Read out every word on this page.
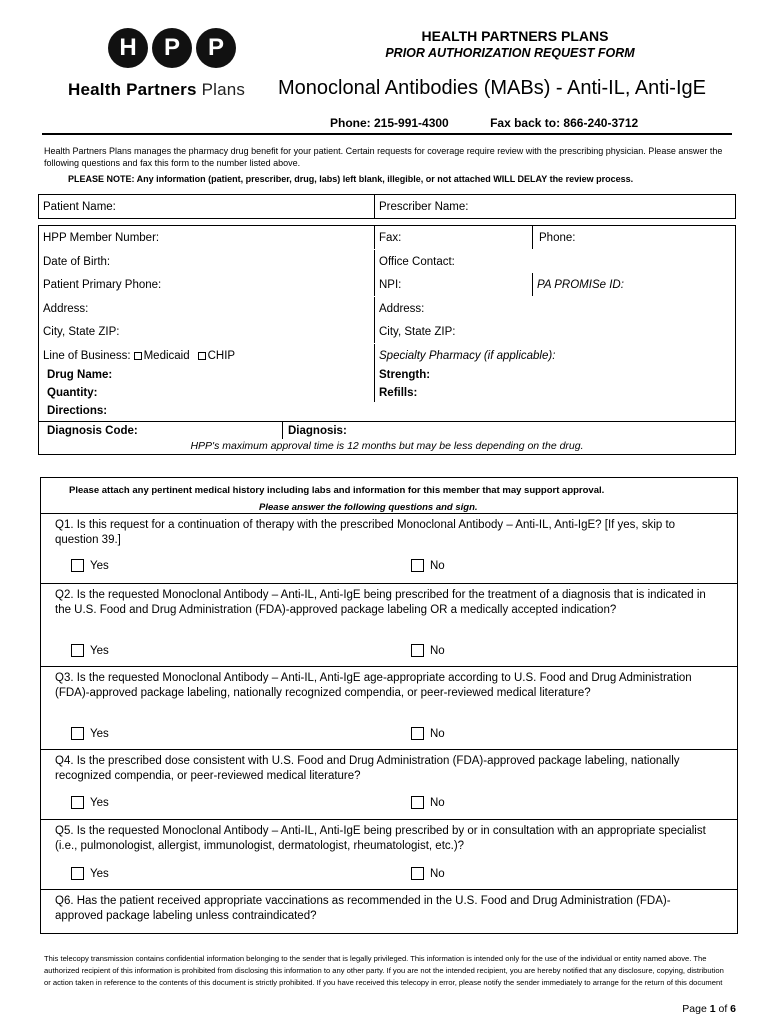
H	P	P
Health Partners Plans
HEALTH PARTNERS PLANS
PRIOR AUTHORIZATION REQUEST FORM
Monoclonal Antibodies (MABs) - Anti-IL, Anti-IgE
Phone: 215-991-4300	Fax back to: 866-240-3712
Health Partners Plans manages the pharmacy drug benefit for your patient. Certain requests for coverage require review with the prescribing physician. Please answer the following questions and fax this form to the number listed above.
PLEASE NOTE: Any information (patient, prescriber, drug, labs) left blank, illegible, or not attached WILL DELAY the review process.
Patient Name:	Prescriber Name:
HPP Member Number:	Fax:	Phone:
Date of Birth:	Office Contact:
Patient Primary Phone:	NPI:	PA PROMISe ID:
Address:	Address:
City, State ZIP:	City, State ZIP:
Line of Business: Medicaid CHIP	Specialty Pharmacy (if applicable):
Drug Name:	Strength:
Quantity:	Refills:
Directions:
Diagnosis Code:	Diagnosis:
HPP's maximum approval time is 12 months but may be less depending on the drug.
Please attach any pertinent medical history including labs and information for this member that may support approval.
Please answer the following questions and sign.
Q1. Is this request for a continuation of therapy with the prescribed Monoclonal Antibody – Anti-IL, Anti-IgE? [If yes, skip to question 39.]
Yes	No
Q2. Is the requested Monoclonal Antibody – Anti-IL, Anti-IgE being prescribed for the treatment of a diagnosis that is indicated in the U.S. Food and Drug Administration (FDA)-approved package labeling OR a medically accepted indication?
Yes	No
Q3. Is the requested Monoclonal Antibody – Anti-IL, Anti-IgE age-appropriate according to U.S. Food and Drug Administration (FDA)-approved package labeling, nationally recognized compendia, or peer-reviewed medical literature?
Yes	No
Q4. Is the prescribed dose consistent with U.S. Food and Drug Administration (FDA)-approved package labeling, nationally recognized compendia, or peer-reviewed medical literature?
Yes	No
Q5. Is the requested Monoclonal Antibody – Anti-IL, Anti-IgE being prescribed by or in consultation with an appropriate specialist (i.e., pulmonologist, allergist, immunologist, dermatologist, rheumatologist, etc.)?
Yes	No
Q6. Has the patient received appropriate vaccinations as recommended in the U.S. Food and Drug Administration (FDA)-approved package labeling unless contraindicated?
This telecopy transmission contains confidential information belonging to the sender that is legally privileged. This information is intended only for the use of the individual or entity named above. The authorized recipient of this information is prohibited from disclosing this information to any other party. If you are not the intended recipient, you are hereby notified that any disclosure, copying, distribution or action taken in reference to the contents of this document is strictly prohibited. If you have received this telecopy in error, please notify the sender immediately to arrange for the return of this document
Page 1 of 6
